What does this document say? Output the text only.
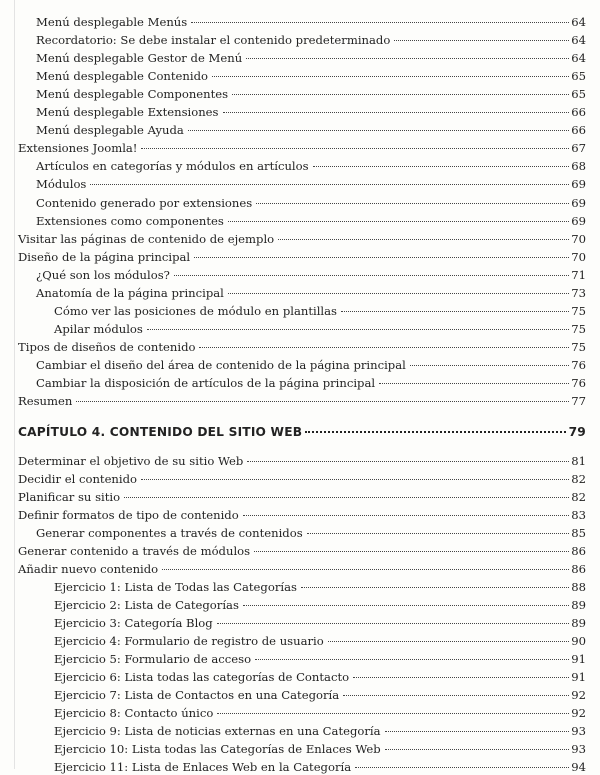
Menú desplegable Menús	64
Recordatorio: Se debe instalar el contenido predeterminado	64
Menú desplegable Gestor de Menú	64
Menú desplegable Contenido	65
Menú desplegable Componentes	65
Menú desplegable Extensiones	66
Menú desplegable Ayuda	66
Extensiones Joomla!	67
Artículos en categorías y módulos en artículos	68
Módulos	69
Contenido generado por extensiones	69
Extensiones como componentes	69
Visitar las páginas de contenido de ejemplo	70
Diseño de la página principal	70
¿Qué son los módulos?	71
Anatomía de la página principal	73
Cómo ver las posiciones de módulo en plantillas	75
Apilar módulos	75
Tipos de diseños de contenido	75
Cambiar el diseño del área de contenido de la página principal	76
Cambiar la disposición de artículos de la página principal	76
Resumen	77
CAPÍTULO 4. CONTENIDO DEL SITIO WEB	79
Determinar el objetivo de su sitio Web	81
Decidir el contenido	82
Planificar su sitio	82
Definir formatos de tipo de contenido	83
Generar componentes a través de contenidos	85
Generar contenido a través de módulos	86
Añadir nuevo contenido	86
Ejercicio 1: Lista de Todas las Categorías	88
Ejercicio 2: Lista de Categorías	89
Ejercicio 3: Categoría Blog	89
Ejercicio 4: Formulario de registro de usuario	90
Ejercicio 5: Formulario de acceso	91
Ejercicio 6: Lista todas las categorías de Contacto	91
Ejercicio 7: Lista de Contactos en una Categoría	92
Ejercicio 8: Contacto único	92
Ejercicio 9: Lista de noticias externas en una Categoría	93
Ejercicio 10: Lista todas las Categorías de Enlaces Web	93
Ejercicio 11: Lista de Enlaces Web en la Categoría	94
